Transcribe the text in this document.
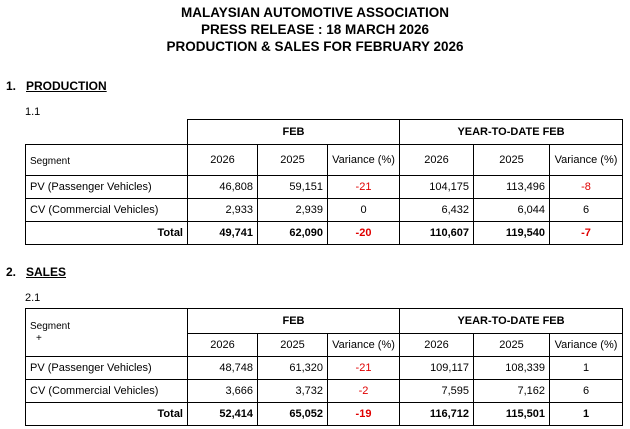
MALAYSIAN AUTOMOTIVE ASSOCIATION
PRESS RELEASE : 18 MARCH 2026
PRODUCTION & SALES FOR FEBRUARY 2026
1. PRODUCTION
1.1
	FEB			YEAR-TO-DATE FEB		
Segment	2026	2025	Variance (%)	2026	2025	Variance (%)
PV (Passenger Vehicles)	46,808	59,151	-21	104,175	113,496	-8
CV (Commercial Vehicles)	2,933	2,939	0	6,432	6,044	6
Total	49,741	62,090	-20	110,607	119,540	-7
2. SALES
2.1
Segment
+	FEB			YEAR-TO-DATE FEB		
	2026	2025	Variance (%)	2026	2025	Variance (%)
PV (Passenger Vehicles)	48,748	61,320	-21	109,117	108,339	1
CV (Commercial Vehicles)	3,666	3,732	-2	7,595	7,162	6
Total	52,414	65,052	-19	116,712	115,501	1
